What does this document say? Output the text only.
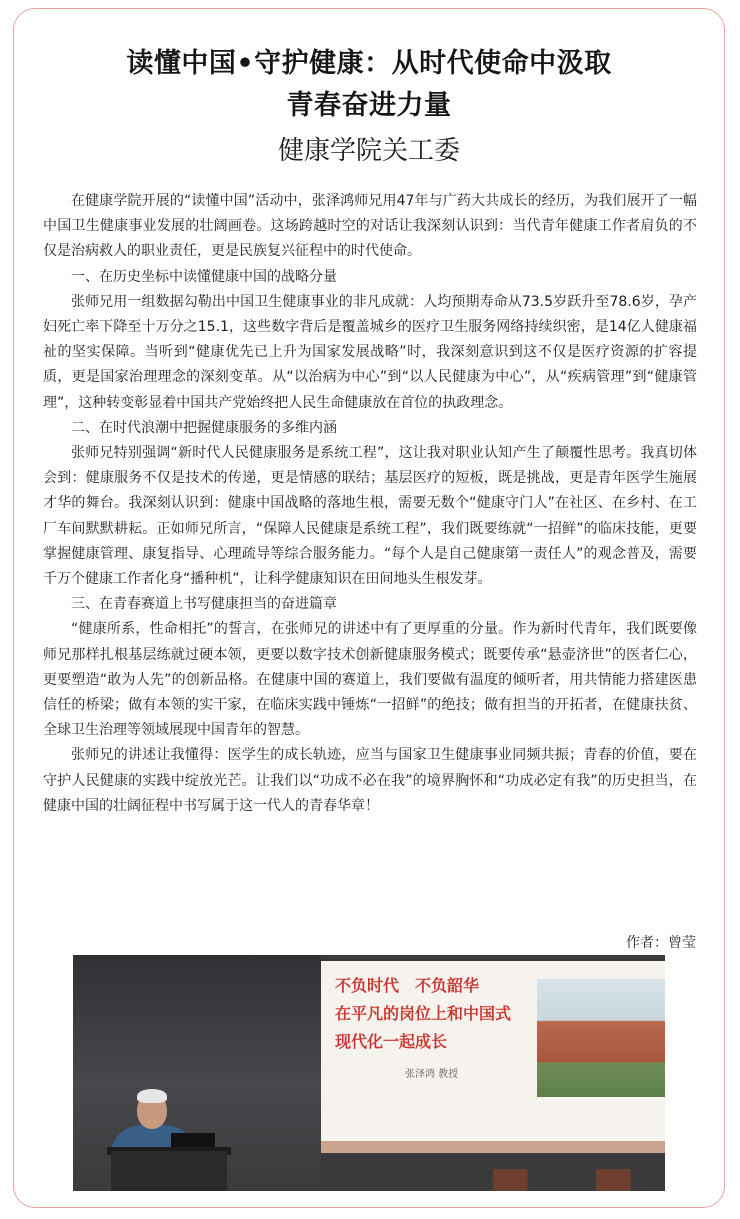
读懂中国•守护健康：从时代使命中汲取
青春奋进力量
健康学院关工委

在健康学院开展的“读懂中国”活动中，张泽鸿师兄用47年与广药大共成长的经历，为我们展开了一幅中国卫生健康事业发展的壮阔画卷。这场跨越时空的对话让我深刻认识到：当代青年健康工作者肩负的不仅是治病救人的职业责任，更是民族复兴征程中的时代使命。

一、在历史坐标中读懂健康中国的战略分量

张师兄用一组数据勾勒出中国卫生健康事业的非凡成就：人均预期寿命从73.5岁跃升至78.6岁，孕产妇死亡率下降至十万分之15.1，这些数字背后是覆盖城乡的医疗卫生服务网络持续织密，是14亿人健康福祉的坚实保障。当听到“健康优先已上升为国家发展战略”时，我深刻意识到这不仅是医疗资源的扩容提质，更是国家治理理念的深刻变革。从“以治病为中心”到“以人民健康为中心”，从“疾病管理”到“健康管理”，这种转变彰显着中国共产党始终把人民生命健康放在首位的执政理念。

二、在时代浪潮中把握健康服务的多维内涵

张师兄特别强调“新时代人民健康服务是系统工程”，这让我对职业认知产生了颠覆性思考。我真切体会到：健康服务不仅是技术的传递，更是情感的联结；基层医疗的短板，既是挑战，更是青年医学生施展才华的舞台。我深刻认识到：健康中国战略的落地生根，需要无数个“健康守门人”在社区、在乡村、在工厂车间默默耕耘。正如师兄所言，“保障人民健康是系统工程”，我们既要练就“一招鲜”的临床技能，更要掌握健康管理、康复指导、心理疏导等综合服务能力。“每个人是自己健康第一责任人”的观念普及，需要千万个健康工作者化身“播种机”，让科学健康知识在田间地头生根发芽。

三、在青春赛道上书写健康担当的奋进篇章

“健康所系，性命相托”的誓言，在张师兄的讲述中有了更厚重的分量。作为新时代青年，我们既要像师兄那样扎根基层练就过硬本领，更要以数字技术创新健康服务模式；既要传承“悬壶济世”的医者仁心，更要塑造“敢为人先”的创新品格。在健康中国的赛道上，我们要做有温度的倾听者，用共情能力搭建医患信任的桥梁；做有本领的实干家，在临床实践中锤炼“一招鲜”的绝技；做有担当的开拓者，在健康扶贫、全球卫生治理等领域展现中国青年的智慧。

张师兄的讲述让我懂得：医学生的成长轨迹，应当与国家卫生健康事业同频共振；青春的价值，要在守护人民健康的实践中绽放光芒。让我们以“功成不必在我”的境界胸怀和“功成必定有我”的历史担当，在健康中国的壮阔征程中书写属于这一代人的青春华章！

作者：曾莹
不负时代　不负韶华
在平凡的岗位上和中国式
现代化一起成长
张泽鸿 教授
